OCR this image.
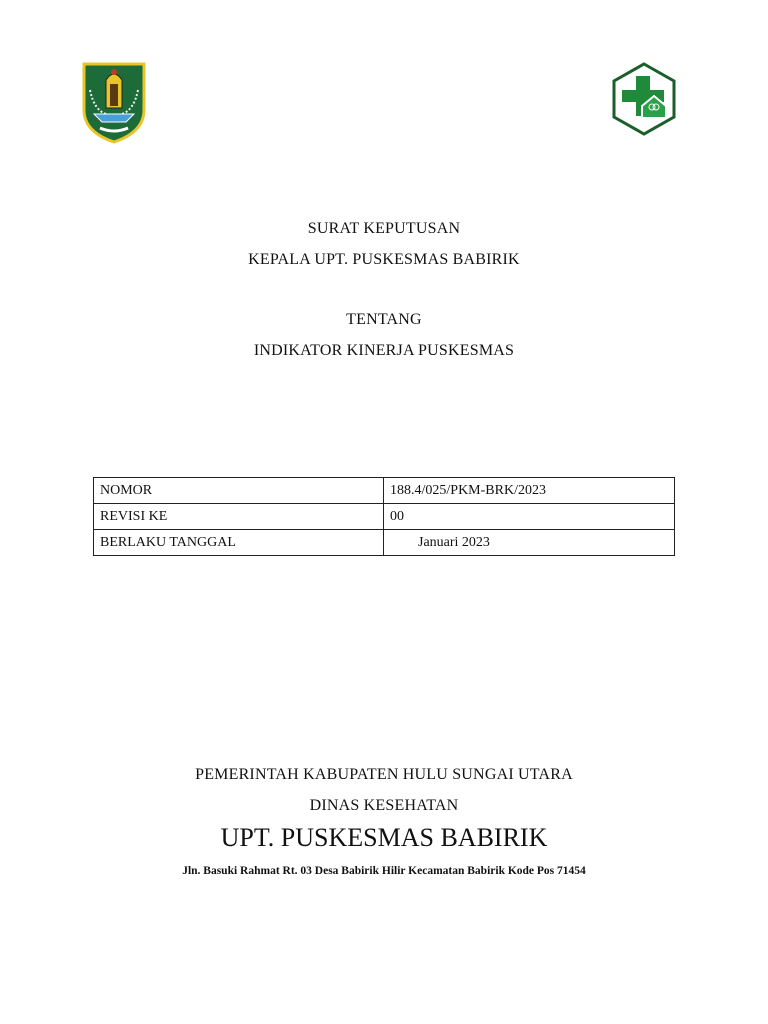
SURAT KEPUTUSAN
KEPALA UPT. PUSKESMAS BABIRIK
TENTANG
INDIKATOR KINERJA PUSKESMAS
NOMOR	188.4/025/PKM-BRK/2023
REVISI KE	00
BERLAKU TANGGAL	Januari 2023
PEMERINTAH KABUPATEN HULU SUNGAI UTARA
DINAS KESEHATAN
UPT. PUSKESMAS BABIRIK
Jln. Basuki Rahmat Rt. 03 Desa Babirik Hilir Kecamatan Babirik Kode Pos 71454
